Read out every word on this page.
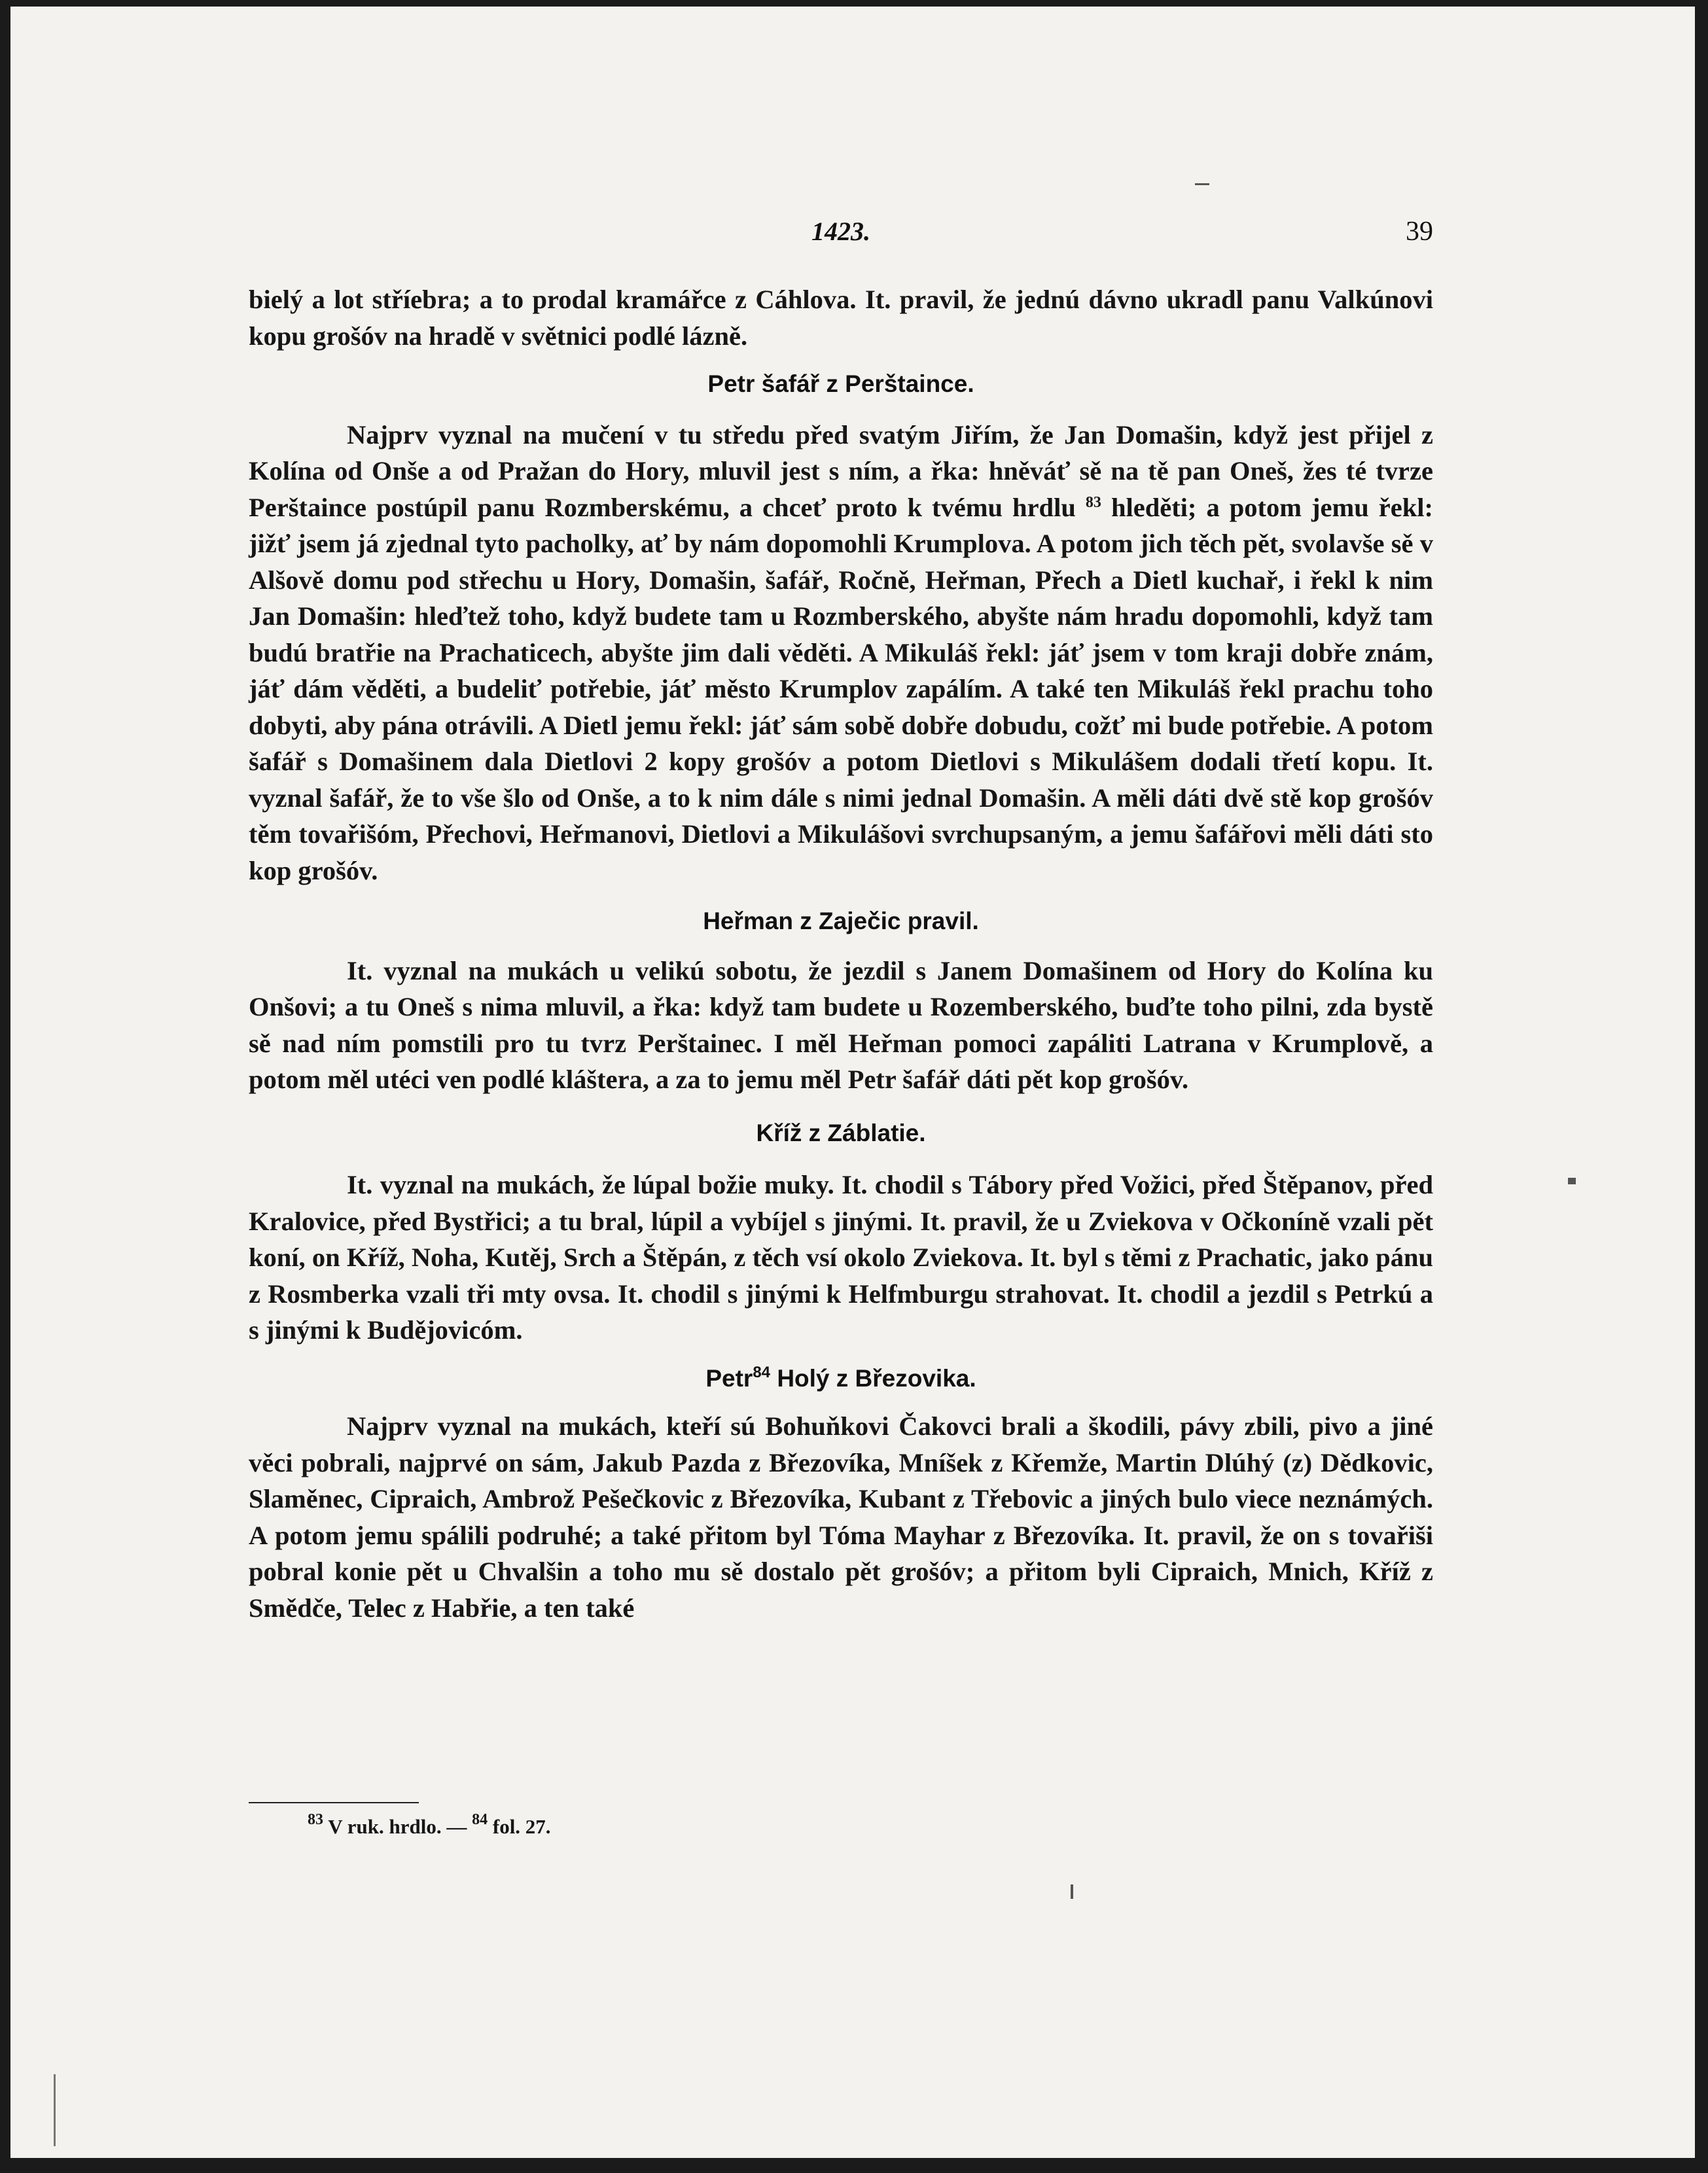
1423.	39

bielý a lot stříebra; a to prodal kramářce z Cáhlova. It. pravil, že jednú dávno ukradl panu Valkúnovi kopu grošóv na hradě v světnici podlé lázně.

Petr šafář z Perštaince.

Najprv vyznal na mučení v tu středu před svatým Jiřím, že Jan Domašin, když jest přijel z Kolína od Onše a od Pražan do Hory, mluvil jest s ním, a řka: hněváť sě na tě pan Oneš, žes té tvrze Perštaince postúpil panu Rozmberskému, a chceť proto k tvému hrdlu $^{83}$ hleděti; a potom jemu řekl: jižť jsem já zjednal tyto pacholky, ať by nám dopomohli Krumplova. A potom jich těch pět, svolavše sě v Alšově domu pod střechu u Hory, Domašin, šafář, Ročně, Heřman, Přech a Dietl kuchař, i řekl k nim Jan Domašin: hleďtež toho, když budete tam u Rozmberského, abyšte nám hradu dopomohli, když tam budú bratřie na Prachaticech, abyšte jim dali věděti. A Mikuláš řekl: jáť jsem v tom kraji dobře znám, jáť dám věděti, a budeliť potřebie, jáť město Krumplov zapálím. A také ten Mikuláš řekl prachu toho dobyti, aby pána otrávili. A Dietl jemu řekl: jáť sám sobě dobře dobudu, cožť mi bude potřebie. A potom šafář s Domašinem dala Dietlovi 2 kopy grošóv a potom Dietlovi s Mikulášem dodali třetí kopu. It. vyznal šafář, že to vše šlo od Onše, a to k nim dále s nimi jednal Domašin. A měli dáti dvě stě kop grošóv těm tovařišóm, Přechovi, Heřmanovi, Dietlovi a Mikulášovi svrchupsaným, a jemu šafářovi měli dáti sto kop grošóv.

Heřman z Zaječic pravil.

It. vyznal na mukách u velikú sobotu, že jezdil s Janem Domašinem od Hory do Kolína ku Onšovi; a tu Oneš s nima mluvil, a řka: když tam budete u Rozemberského, buďte toho pilni, zda bystě sě nad ním pomstili pro tu tvrz Perštainec. I měl Heřman pomoci zapáliti Latrana v Krumplově, a potom měl utéci ven podlé kláštera, a za to jemu měl Petr šafář dáti pět kop grošóv.

Kříž z Záblatie.

It. vyznal na mukách, že lúpal božie muky. It. chodil s Tábory před Vožici, před Štěpanov, před Kralovice, před Bystřici; a tu bral, lúpil a vybíjel s jinými. It. pravil, že u Zviekova v Očkoníně vzali pět koní, on Kříž, Noha, Kutěj, Srch a Štěpán, z těch vsí okolo Zviekova. It. byl s těmi z Prachatic, jako pánu z Rosmberka vzali tři mty ovsa. It. chodil s jinými k Helfmburgu strahovat. It. chodil a jezdil s Petrkú a s jinými k Budějovicóm.

Petr$^{84}$ Holý z Březovika.

Najprv vyznal na mukách, kteří sú Bohuňkovi Čakovci brali a škodili, pávy zbili, pivo a jiné věci pobrali, najprvé on sám, Jakub Pazda z Březovíka, Mníšek z Křemže, Martin Dlúhý (z) Dědkovic, Slaměnec, Cipraich, Ambrož Pešečkovic z Březovíka, Kubant z Třebovic a jiných bulo viece neznámých. A potom jemu spálili podruhé; a také přitom byl Tóma Mayhar z Březovíka. It. pravil, že on s tovařiši pobral konie pět u Chvalšin a toho mu sě dostalo pět grošóv; a přitom byli Cipraich, Mnich, Kříž z Smědče, Telec z Habřie, a ten také

$^{83}$ V ruk. hrdlo. — $^{84}$ fol. 27.
